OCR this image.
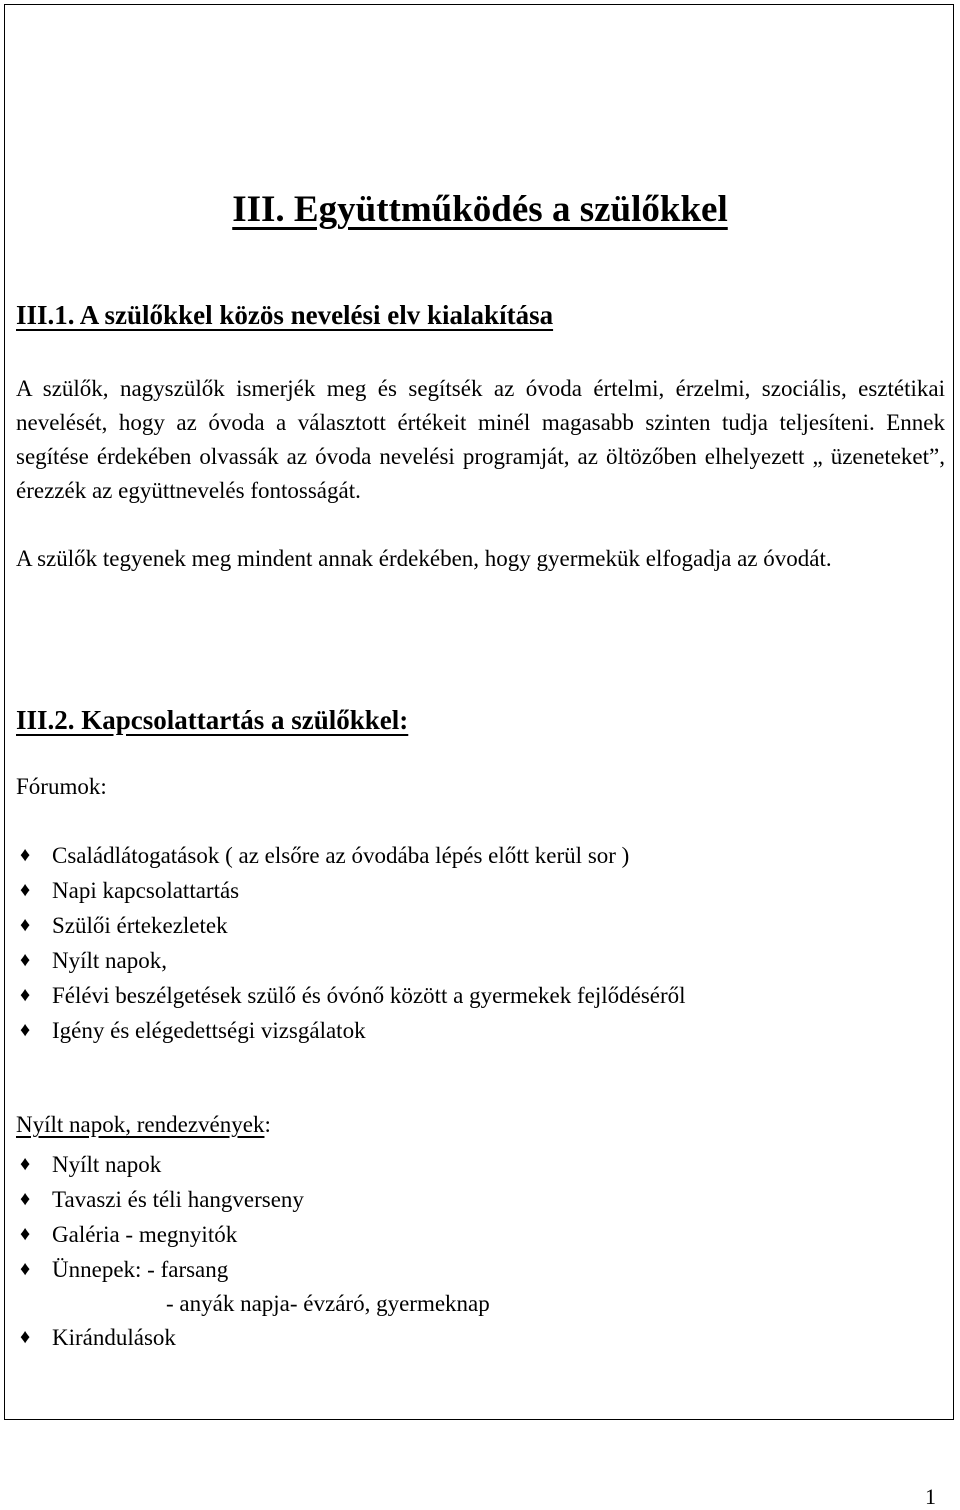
III. Együttműködés a szülőkkel
III.1. A szülőkkel közös nevelési elv kialakítása

A szülők, nagyszülők ismerjék meg és segítsék az óvoda értelmi, érzelmi, szociális, esztétikai nevelését, hogy az óvoda a választott értékeit minél magasabb szinten tudja teljesíteni. Ennek segítése érdekében olvassák az óvoda nevelési programját, az öltözőben elhelyezett „ üzeneteket”, érezzék az együttnevelés fontosságát.

A szülők tegyenek meg mindent annak érdekében, hogy gyermekük elfogadja az óvodát.

III.2. Kapcsolattartás a szülőkkel:

Fórumok:

♦ Családlátogatások ( az elsőre az óvodába lépés előtt kerül sor )
♦ Napi kapcsolattartás
♦ Szülői értekezletek
♦ Nyílt napok,
♦ Félévi beszélgetések szülő és óvónő között a gyermekek fejlődéséről
♦ Igény és elégedettségi vizsgálatok

Nyílt napok, rendezvények:

♦ Nyílt napok
♦ Tavaszi és téli hangverseny
♦ Galéria - megnyitók
♦ Ünnepek: - farsang
- anyák napja- évzáró, gyermeknap
♦ Kirándulások

1
